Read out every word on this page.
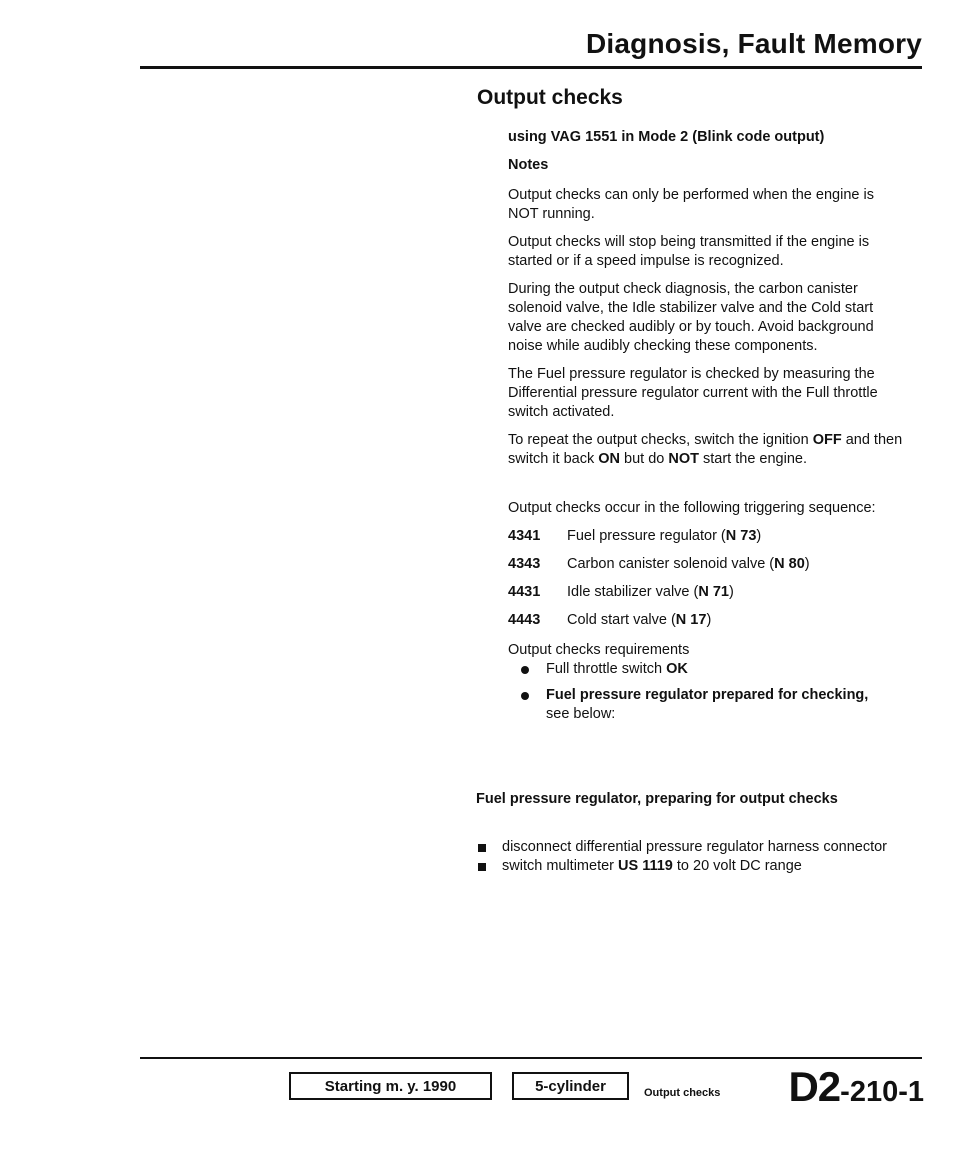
Diagnosis, Fault Memory
Output checks

using VAG 1551 in Mode 2 (Blink code output)

Notes

Output checks can only be performed when the engine is NOT running.

Output checks will stop being transmitted if the engine is started or if a speed impulse is recognized.

During the output check diagnosis, the carbon canister solenoid valve, the Idle stabilizer valve and the Cold start valve are checked audibly or by touch. Avoid background noise while audibly checking these components.

The Fuel pressure regulator is checked by measuring the Differential pressure regulator current with the Full throttle switch activated.

To repeat the output checks, switch the ignition OFF and then switch it back ON but do NOT start the engine.

Output checks occur in the following triggering sequence:

4341	Fuel pressure regulator (N 73)
4343	Carbon canister solenoid valve (N 80)
4431	Idle stabilizer valve (N 71)
4443	Cold start valve (N 17)

Output checks requirements

Full throttle switch OK
Fuel pressure regulator prepared for checking,
see below:
Fuel pressure regulator, preparing for output checks
disconnect differential pressure regulator harness connector
switch multimeter US 1119 to 20 volt DC range
Starting m. y. 1990	5-cylinder	Output checks D2-210-1
